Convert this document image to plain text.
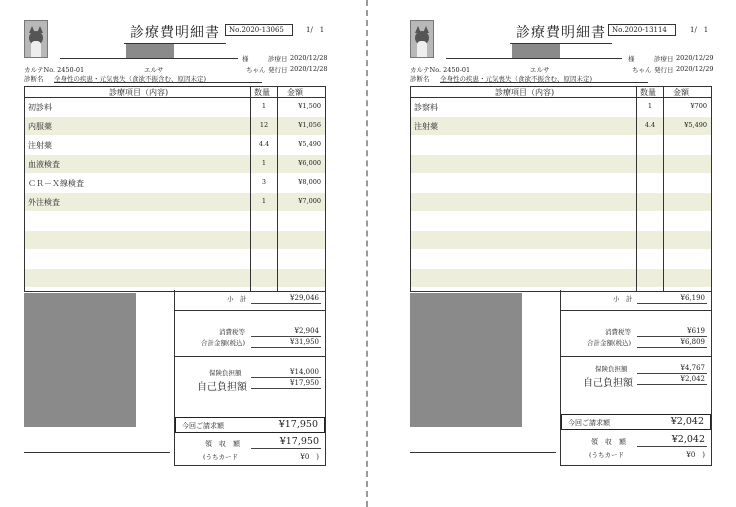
診療費明細書	No.2020-13065	1/　1
様	診療日 2020/12/28
カルテNo. 2450-01	エルサ	ちゃん 発行日 2020/12/28
診断名 全身性の疾患・元気喪失（食欲不振含む、原因未定)
診療項目（内容)	数量 金額
初診料	1	¥1,500
内服薬	12	¥1,056
注射薬	4.4	¥5,490
血液検査	1	¥6,000
ＣＲ－Ｘ線検査	3	¥8,000
外注検査	1	¥7,000
小　計	¥29,046
消費税等	¥2,904
合計金額(税込)	¥31,950
保険負担額	¥14,000
自己負担額	¥17,950
今回ご請求額	¥17,950
領　収　額	¥17,950
(うちカード	¥0　)
診療費明細書 No.2020-13114	1/　1
様	診療日 2020/12/29
カルテNo. 2450-01	エルサ	ちゃん 発行日 2020/12/29
診断名 全身性の疾患・元気喪失（食欲不振含む、原因未定)
診療項目（内容)	数量 金額
診察料	1	¥700
注射薬	4.4	¥5,490
小　計	¥6,190
消費税等	¥619
合計金額(税込)	¥6,809
保険負担額	¥4,767
自己負担額	¥2,042
今回ご請求額	¥2,042
領　収　額	¥2,042
(うちカード	¥0　)
